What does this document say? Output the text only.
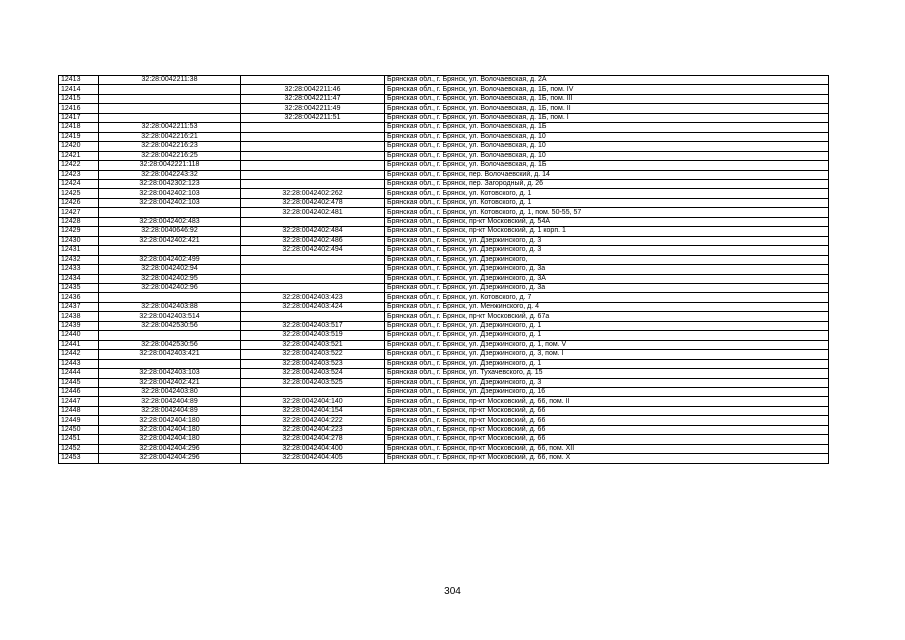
12413	32:28:0042211:38		Брянская обл., г. Брянск, ул. Волочаевская, д. 2А
12414		32:28:0042211:46	Брянская обл., г. Брянск, ул. Волочаевская, д. 1Б, пом. IV
12415		32:28:0042211:47	Брянская обл., г. Брянск, ул. Волочаевская, д. 1Б, пом. III
12416		32:28:0042211:49	Брянская обл., г. Брянск, ул. Волочаевская, д. 1Б, пом. II
12417		32:28:0042211:51	Брянская обл., г. Брянск, ул. Волочаевская, д. 1Б, пом. I
12418	32:28:0042211:53		Брянская обл., г. Брянск, ул. Волочаевская, д. 1Б
12419	32:28:0042216:21		Брянская обл., г. Брянск, ул. Волочаевская, д. 10
12420	32:28:0042216:23		Брянская обл., г. Брянск, ул. Волочаевская, д. 10
12421	32:28:0042216:25		Брянская обл., г. Брянск, ул. Волочаевская, д. 10
12422	32:28:0042221:118		Брянская обл., г. Брянск, ул. Волочаевская, д. 1Б
12423	32:28:0042243:32		Брянская обл., г. Брянск, пер. Волочаевский, д. 14
12424	32:28:0042302:123		Брянская обл., г. Брянск, пер. Загородный, д. 26
12425	32:28:0042402:103	32:28:0042402:262	Брянская обл., г. Брянск, ул. Котовского, д. 1
12426	32:28:0042402:103	32:28:0042402:478	Брянская обл., г. Брянск, ул. Котовского, д. 1
12427		32:28:0042402:481	Брянская обл., г. Брянск, ул. Котовского, д. 1, пом. 50-55, 57
12428	32:28:0042402:483		Брянская обл., г. Брянск, пр-кт Московский, д. 54А
12429	32:28:0040646:92	32:28:0042402:484	Брянская обл., г. Брянск, пр-кт Московский, д. 1 корп. 1
12430	32:28:0042402:421	32:28:0042402:486	Брянская обл., г. Брянск, ул. Дзержинского, д. 3
12431		32:28:0042402:494	Брянская обл., г. Брянск, ул. Дзержинского, д. 3
12432	32:28:0042402:499		Брянская обл., г. Брянск, ул. Дзержинского,
12433	32:28:0042402:94		Брянская обл., г. Брянск, ул. Дзержинского, д. 3а
12434	32:28:0042402:95		Брянская обл., г. Брянск, ул. Дзержинского, д. 3А
12435	32:28:0042402:96		Брянская обл., г. Брянск, ул. Дзержинского, д. 3а
12436		32:28:0042403:423	Брянская обл., г. Брянск, ул. Котовского, д. 7
12437	32:28:0042403:88	32:28:0042403:424	Брянская обл., г. Брянск, ул. Менжинского, д. 4
12438	32:28:0042403:514		Брянская обл., г. Брянск, пр-кт Московский, д. 67а
12439	32:28:0042530:56	32:28:0042403:517	Брянская обл., г. Брянск, ул. Дзержинского, д. 1
12440		32:28:0042403:519	Брянская обл., г. Брянск, ул. Дзержинского, д. 1
12441	32:28:0042530:56	32:28:0042403:521	Брянская обл., г. Брянск, ул. Дзержинского, д. 1, пом. V
12442	32:28:0042403:421	32:28:0042403:522	Брянская обл., г. Брянск, ул. Дзержинского, д. 3, пом. I
12443		32:28:0042403:523	Брянская обл., г. Брянск, ул. Дзержинского, д. 1
12444	32:28:0042403:103	32:28:0042403:524	Брянская обл., г. Брянск, ул. Тухачевского, д. 15
12445	32:28:0042402:421	32:28:0042403:525	Брянская обл., г. Брянск, ул. Дзержинского, д. 3
12446	32:28:0042403:80		Брянская обл., г. Брянск, ул. Дзержинского, д. 16
12447	32:28:0042404:89	32:28:0042404:140	Брянская обл., г. Брянск, пр-кт Московский, д. 66, пом. II
12448	32:28:0042404:89	32:28:0042404:154	Брянская обл., г. Брянск, пр-кт Московский, д. 66
12449	32:28:0042404:180	32:28:0042404:222	Брянская обл., г. Брянск, пр-кт Московский, д. 66
12450	32:28:0042404:180	32:28:0042404:223	Брянская обл., г. Брянск, пр-кт Московский, д. 66
12451	32:28:0042404:180	32:28:0042404:278	Брянская обл., г. Брянск, пр-кт Московский, д. 66
12452	32:28:0042404:296	32:28:0042404:400	Брянская обл., г. Брянск, пр-кт Московский, д. 66, пом. XII
12453	32:28:0042404:296	32:28:0042404:405	Брянская обл., г. Брянск, пр-кт Московский, д. 66, пом. X
304
